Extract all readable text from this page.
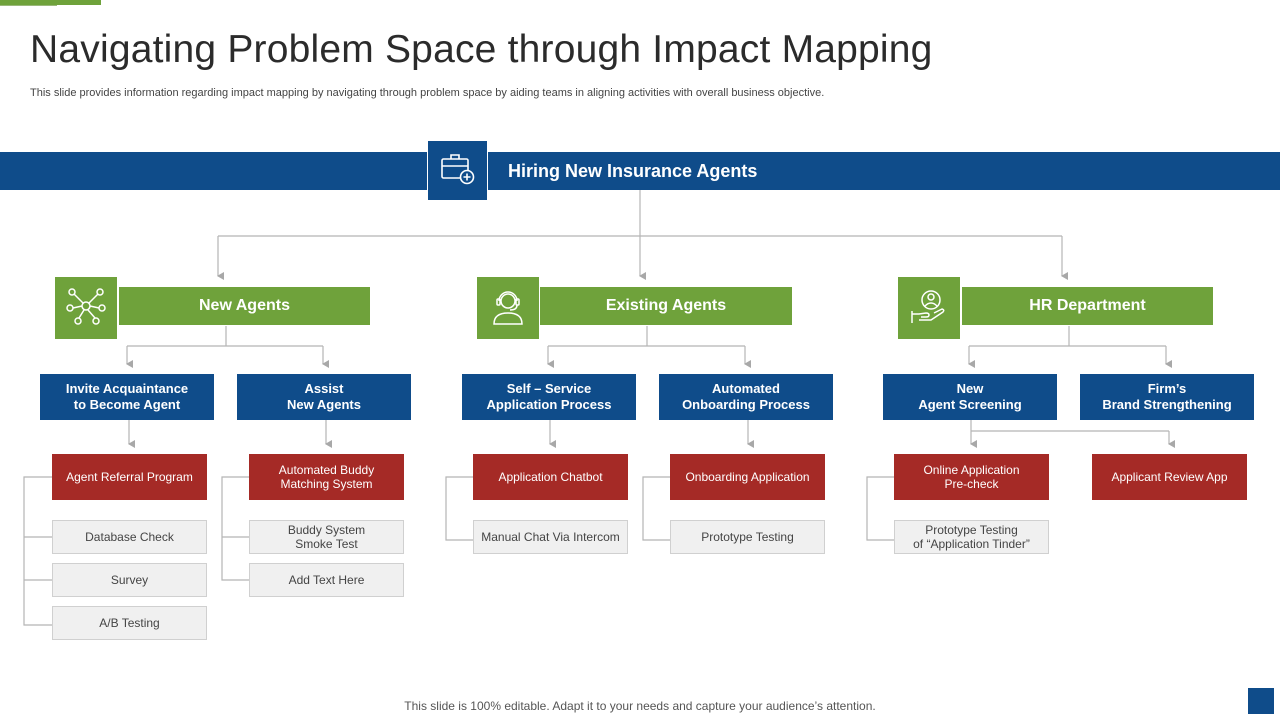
Navigating Problem Space through Impact Mapping
This slide provides information regarding impact mapping by navigating through problem space by aiding teams in aligning activities with overall business objective.
Hiring New Insurance Agents
New Agents	Existing Agents	HR Department
Invite Acquaintance
to Become Agent
Assist
New Agents
Self – Service
Application Process
Automated
Onboarding Process
New
Agent Screening
Firm’s
Brand Strengthening
Agent Referral Program	Automated Buddy
Matching System	Application Chatbot	Onboarding Application	Online Application
Pre-check	Applicant Review App
Database Check
Survey
A/B Testing
Buddy System
Smoke Test
Add Text Here
Manual Chat Via Intercom	Prototype Testing	Prototype Testing
of “Application Tinder”
This slide is 100% editable. Adapt it to your needs and capture your audience’s attention.
